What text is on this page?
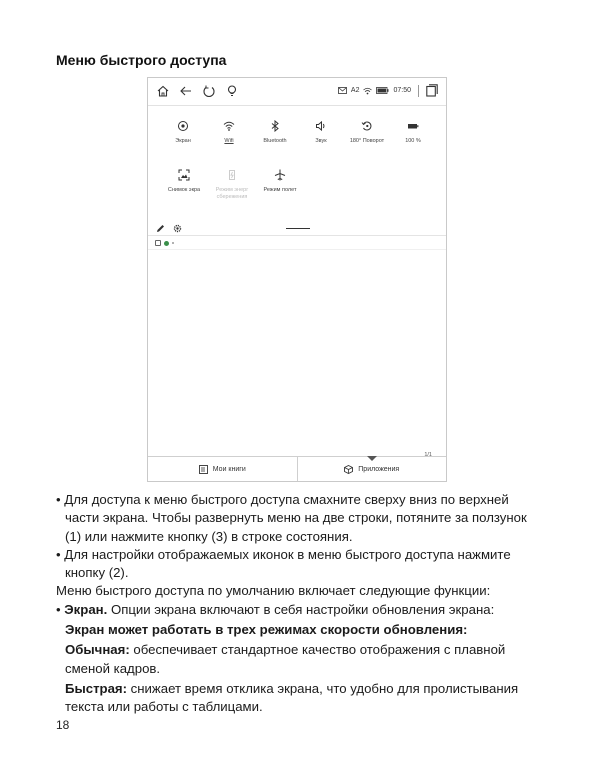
Меню быстрого доступа
A2	07:50
Экран	Wifi	Bluetooth	Звук	180° Поворот	100 %
Снимок экра	Режим энерг сбережения
Режим полет
1/1
Мои книги	Приложения

• Для доступа к меню быстрого доступа смахните сверху вниз по верхней части экрана. Чтобы развернуть меню на две строки, потяните за ползунок (1) или нажмите кнопку (3) в строке состояния.

• Для настройки отображаемых иконок в меню быстрого доступа нажмите кнопку (2).

Меню быстрого доступа по умолчанию включает следующие функции:

• Экран. Опции экрана включают в себя настройки обновления экрана:

Экран может работать в трех режимах скорости обновления:

Обычная: обеспечивает стандартное качество отображения с плавной сменой кадров.

Быстрая: снижает время отклика экрана, что удобно для пролистывания текста или работы с таблицами.

18
